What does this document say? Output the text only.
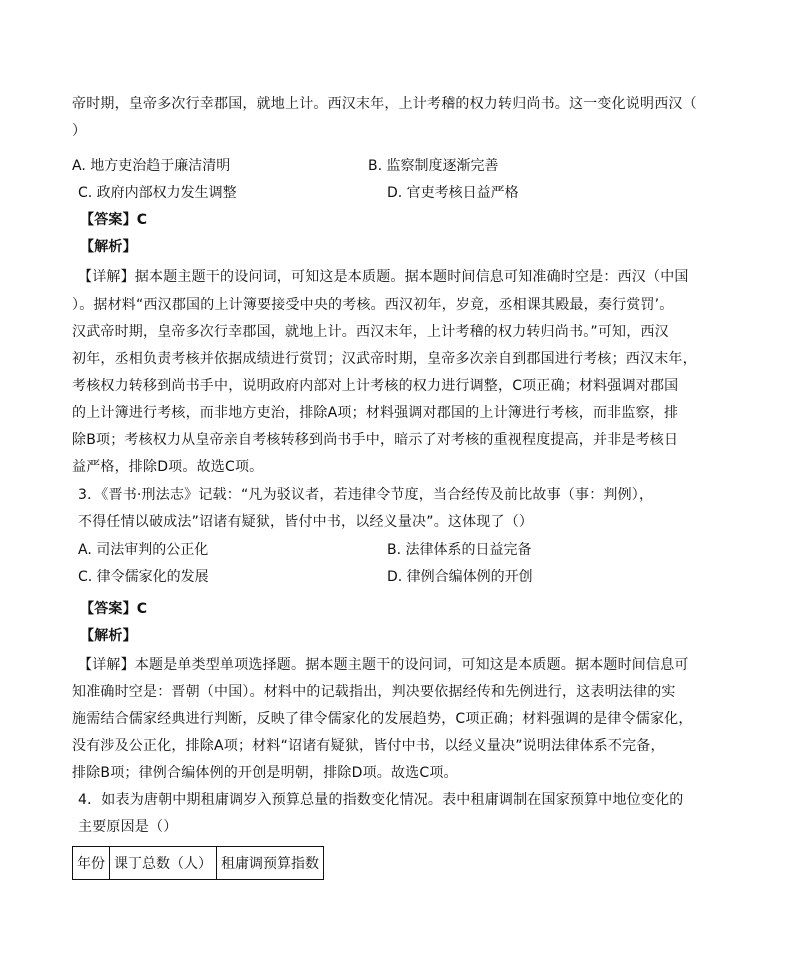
帝时期，皇帝多次行幸郡国，就地上计。西汉末年，上计考稽的权力转归尚书。这一变化说明西汉（
）
A. 地方吏治趋于廉洁清明	B. 监察制度逐渐完善
C. 政府内部权力发生调整	D. 官吏考核日益严格
【答案】C
【解析】
【详解】据本题主题干的设问词，可知这是本质题。据本题时间信息可知准确时空是：西汉（中国
）。据材料“西汉郡国的上计簿要接受中央的考核。西汉初年，岁竟，丞相课其殿最，奏行赏罚’。
汉武帝时期，皇帝多次行幸郡国，就地上计。西汉末年，上计考稽的权力转归尚书。”可知，西汉
初年，丞相负责考核并依据成绩进行赏罚；汉武帝时期，皇帝多次亲自到郡国进行考核；西汉末年，
考核权力转移到尚书手中，说明政府内部对上计考核的权力进行调整，C项正确；材料强调对郡国
的上计簿进行考核，而非地方吏治，排除A项；材料强调对郡国的上计簿进行考核，而非监察，排
除B项；考核权力从皇帝亲自考核转移到尚书手中，暗示了对考核的重视程度提高，并非是考核日
益严格，排除D项。故选C项。
3．《晋书·刑法志》记载：“凡为驳议者，若违律令节度，当合经传及前比故事（事：判例），
不得任情以破成法”诏诸有疑狱，皆付中书，以经义量决”。这体现了（）
A. 司法审判的公正化	B. 法律体系的日益完备
C. 律令儒家化的发展	D. 律例合编体例的开创
【答案】C
【解析】
【详解】本题是单类型单项选择题。据本题主题干的设问词，可知这是本质题。据本题时间信息可
知准确时空是：晋朝（中国）。材料中的记载指出，判决要依据经传和先例进行，这表明法律的实
施需结合儒家经典进行判断，反映了律令儒家化的发展趋势，C项正确；材料强调的是律令儒家化，
没有涉及公正化，排除A项；材料“诏诸有疑狱，皆付中书，以经义量决”说明法律体系不完备，
排除B项；律例合编体例的开创是明朝，排除D项。故选C项。
4．如表为唐朝中期租庸调岁入预算总量的指数变化情况。表中租庸调制在国家预算中地位变化的
主要原因是（）
年份	课丁总数（人）	租庸调预算指数
